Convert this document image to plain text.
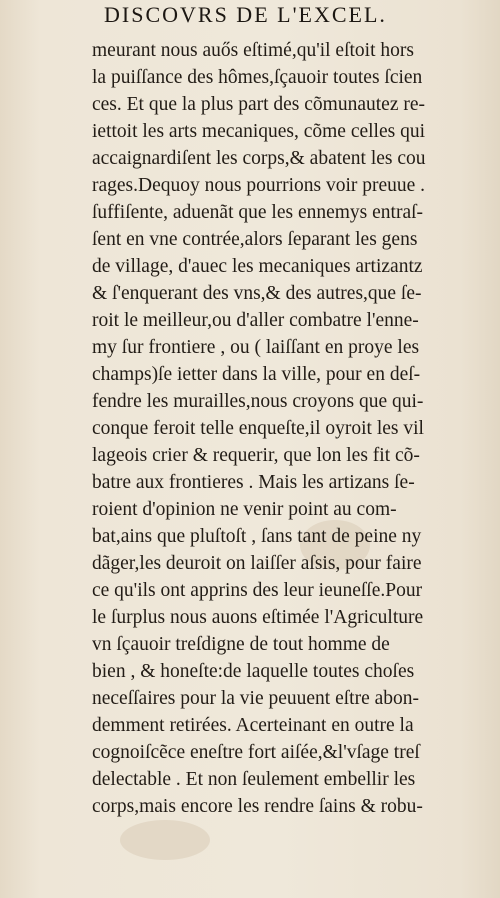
DISCOVRS DE L'EXCEL.
meurant nous auős eſtimé,qu'il eſtoit hors
la puiſſance des hômes,ſçauoir toutes ſcien
ces. Et que la plus part des cõmunautez re-
iettoit les arts mecaniques, cõme celles qui
accaignardiſent les corps,& abatent les cou
rages.Dequoy nous pourrions voir preuue .
ſuffiſente, aduenãt que les ennemys entraſ-
ſent en vne contrée,alors ſeparant les gens
de village, d'auec les mecaniques artizantz
& ſ'enquerant des vns,& des autres,que ſe-
roit le meilleur,ou d'aller combatre l'enne-
my ſur frontiere , ou ( laiſſant en proye les
champs)ſe ietter dans la ville, pour en deſ-
fendre les murailles,nous croyons que qui-
conque feroit telle enqueſte,il oyroit les vil
lageois crier & requerir, que lon les fit cõ-
batre aux frontieres . Mais les artizans ſe-
roient d'opinion ne venir point au com-
bat,ains que pluſtoſt , ſans tant de peine ny
dãger,les deuroit on laiſſer aſsis, pour faire
ce qu'ils ont apprins des leur ieuneſſe.Pour
le ſurplus nous auons eſtimée l'Agriculture
vn ſçauoir treſdigne de tout homme de
bien , & honeſte:de laquelle toutes choſes
neceſſaires pour la vie peuuent eſtre abon-
demment retirées. Acerteinant en outre la
cognoiſcẽce eneſtre fort aiſée,&l'vſage treſ
delectable . Et non ſeulement embellir les
corps,mais encore les rendre ſains & robu-
